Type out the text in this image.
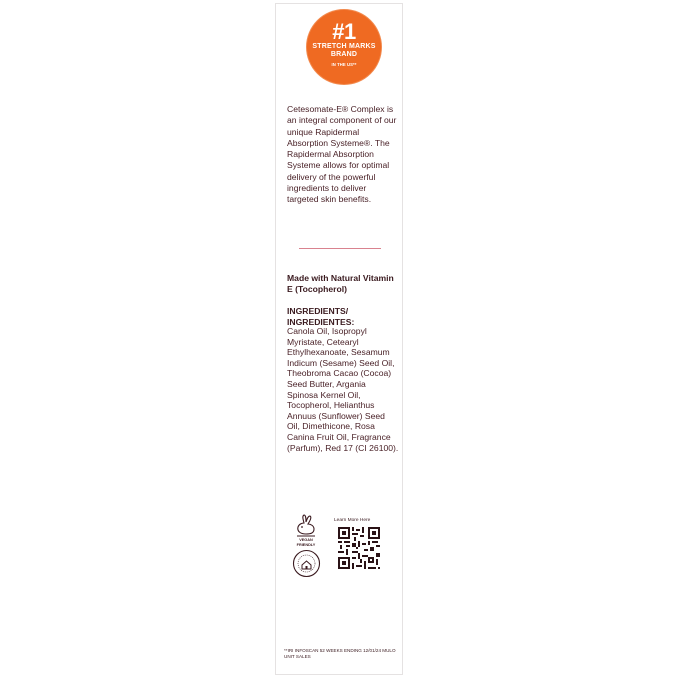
#1
STRETCH MARKS
BRAND
IN THE US**
Cetesomate-E® Complex is an integral component of our unique Rapidermal Absorption Systeme®. The Rapidermal Absorption Systeme allows for optimal delivery of the powerful ingredients to deliver targeted skin benefits.
Made with Natural Vitamin E (Tocopherol)
INGREDIENTS/ INGREDIENTES:
Canola Oil, Isopropyl Myristate, Cetearyl Ethylhexanoate, Sesamum Indicum (Sesame) Seed Oil, Theobroma Cacao (Cocoa) Seed Butter, Argania Spinosa Kernel Oil, Tocopherol, Helianthus Annuus (Sunflower) Seed Oil, Dimethicone, Rosa Canina Fruit Oil, Fragrance (Parfum), Red 17 (CI 26100).
VEGAN FRIENDLY
Learn More Here
**IRI INFOSCAN 52 WEEKS ENDING 12/01/24 MULO UNIT SALES
